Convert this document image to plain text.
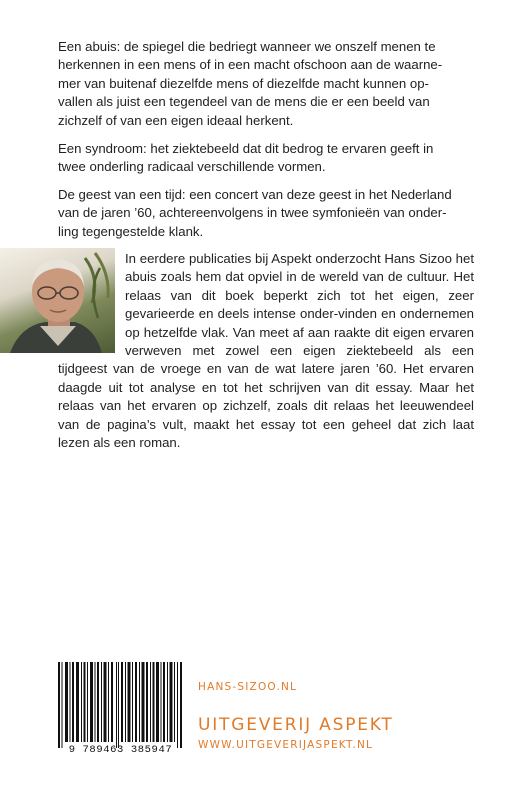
Een abuis: de spiegel die bedriegt wanneer we onszelf menen te
herkennen in een mens of in een macht ofschoon aan de waarne-
mer van buitenaf diezelfde mens of diezelfde macht kunnen op-
vallen als juist een tegendeel van de mens die er een beeld van
zichzelf of van een eigen ideaal herkent.

Een syndroom: het ziektebeeld dat dit bedrog te ervaren geeft in
twee onderling radicaal verschillende vormen.

De geest van een tijd: een concert van deze geest in het Nederland
van de jaren ’60, achtereenvolgens in twee symfonieën van onder-
ling tegengestelde klank.

In eerdere publicaties bij Aspekt onderzocht Hans Sizoo het abuis zoals hem dat opviel in de wereld van de cultuur. Het relaas van dit boek beperkt zich tot het eigen, zeer gevarieerde en deels intense onder-vinden en ondernemen op hetzelfde vlak. Van meet af aan raakte dit eigen ervaren verweven met zowel een eigen ziektebeeld als een tijdgeest van de vroege en van de wat latere jaren ’60. Het ervaren daagde uit tot analyse en tot het schrijven van dit essay. Maar het relaas van het ervaren op zichzelf, zoals dit relaas het leeuwendeel van de pagina’s vult, maakt het essay tot een geheel dat zich laat lezen als een roman.
9 789463 385947
HANS-SIZOO.NL
UITGEVERIJ ASPEKT
WWW.UITGEVERIJASPEKT.NL
